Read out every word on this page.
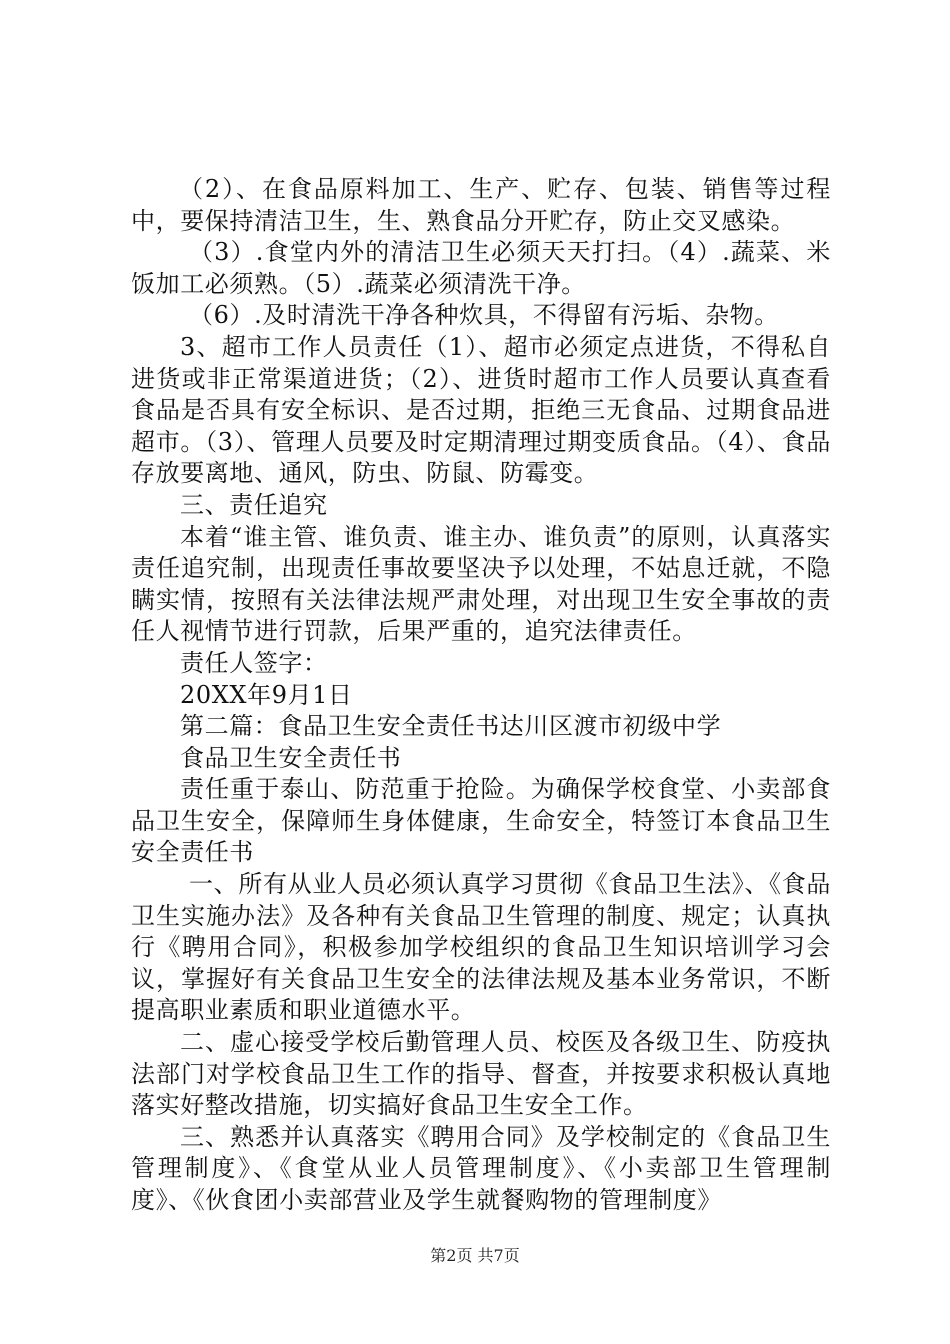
（2）、在食品原料加工、生产、贮存、包装、销售等过程中，要保持清洁卫生，生、熟食品分开贮存，防止交叉感染。

（3）.食堂内外的清洁卫生必须天天打扫。（4）.蔬菜、米饭加工必须熟。（5）.蔬菜必须清洗干净。

（6）.及时清洗干净各种炊具，不得留有污垢、杂物。

3、超市工作人员责任（1）、超市必须定点进货，不得私自进货或非正常渠道进货；（2）、进货时超市工作人员要认真查看食品是否具有安全标识、是否过期，拒绝三无食品、过期食品进超市。（3）、管理人员要及时定期清理过期变质食品。（4）、食品存放要离地、通风，防虫、防鼠、防霉变。

三、责任追究

本着“谁主管、谁负责、谁主办、谁负责”的原则，认真落实责任追究制，出现责任事故要坚决予以处理，不姑息迁就，不隐瞒实情，按照有关法律法规严肃处理，对出现卫生安全事故的责任人视情节进行罚款，后果严重的，追究法律责任。

责任人签字：

20XX年9月1日

第二篇：食品卫生安全责任书达川区渡市初级中学

食品卫生安全责任书

责任重于泰山、防范重于抢险。为确保学校食堂、小卖部食品卫生安全，保障师生身体健康，生命安全，特签订本食品卫生安全责任书

一、所有从业人员必须认真学习贯彻《食品卫生法》、《食品卫生实施办法》及各种有关食品卫生管理的制度、规定；认真执行《聘用合同》，积极参加学校组织的食品卫生知识培训学习会议，掌握好有关食品卫生安全的法律法规及基本业务常识，不断提高职业素质和职业道德水平。

二、虚心接受学校后勤管理人员、校医及各级卫生、防疫执法部门对学校食品卫生工作的指导、督查，并按要求积极认真地落实好整改措施，切实搞好食品卫生安全工作。

三、熟悉并认真落实《聘用合同》及学校制定的《食品卫生管理制度》、《食堂从业人员管理制度》、《小卖部卫生管理制度》、《伙食团小卖部营业及学生就餐购物的管理制度》

第2页 共7页
